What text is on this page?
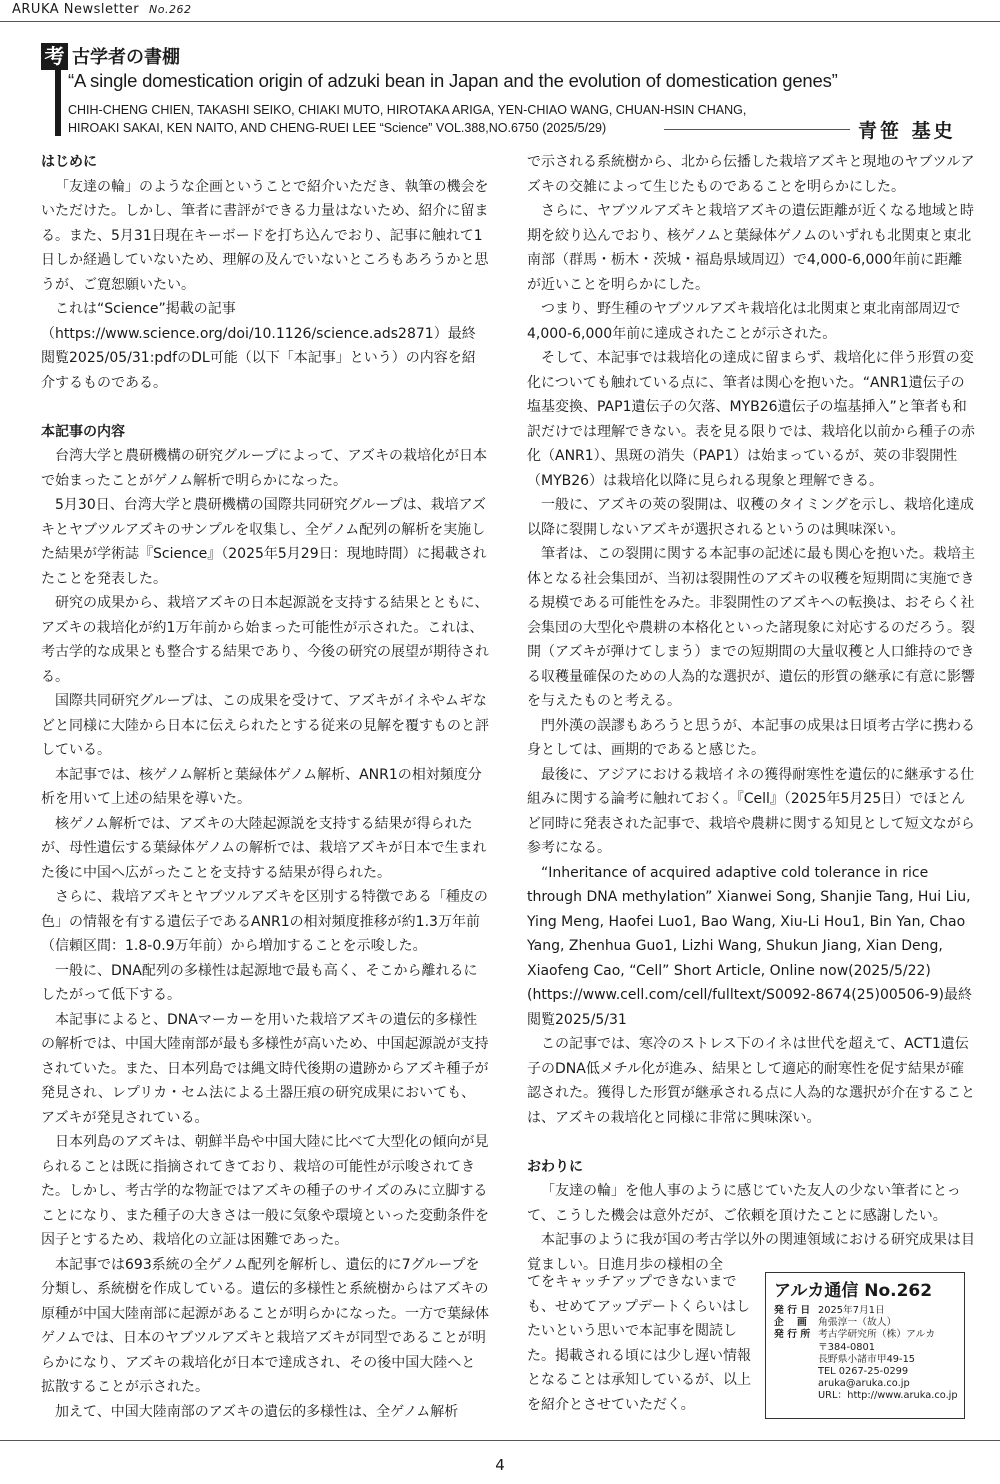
ARUKA Newsletter No.262
考 古学者の書棚
“A single domestication origin of adzuki bean in Japan and the evolution of domestication genes”
CHIH-CHENG CHIEN, TAKASHI SEIKO, CHIAKI MUTO, HIROTAKA ARIGA, YEN-CHIAO WANG, CHUAN-HSIN CHANG,
HIROAKI SAKAI, KEN NAITO, AND CHENG-RUEI LEE “Science” VOL.388,NO.6750 (2025/5/29)	青笹 基史
はじめに

「友達の輪」のような企画ということで紹介いただき、執筆の機会をいただけた。しかし、筆者に書評ができる力量はないため、紹介に留まる。また、5月31日現在キーボードを打ち込んでおり、記事に触れて1日しか経過していないため、理解の及んでいないところもあろうかと思うが、ご寛恕願いたい。

これは“Science”掲載の記事（https://www.science.org/doi/10.1126/science.ads2871）最終閲覧2025/05/31:pdfのDL可能（以下「本記事」という）の内容を紹介するものである。

本記事の内容

台湾大学と農研機構の研究グループによって、アズキの栽培化が日本で始まったことがゲノム解析で明らかになった。

5月30日、台湾大学と農研機構の国際共同研究グループは、栽培アズキとヤブツルアズキのサンプルを収集し、全ゲノム配列の解析を実施した結果が学術誌『Science』（2025年5月29日：現地時間）に掲載されたことを発表した。

研究の成果から、栽培アズキの日本起源説を支持する結果とともに、アズキの栽培化が約1万年前から始まった可能性が示された。これは、考古学的な成果とも整合する結果であり、今後の研究の展望が期待される。

国際共同研究グループは、この成果を受けて、アズキがイネやムギなどと同様に大陸から日本に伝えられたとする従来の見解を覆すものと評している。

本記事では、核ゲノム解析と葉緑体ゲノム解析、ANR1の相対頻度分析を用いて上述の結果を導いた。

核ゲノム解析では、アズキの大陸起源説を支持する結果が得られたが、母性遺伝する葉緑体ゲノムの解析では、栽培アズキが日本で生まれた後に中国へ広がったことを支持する結果が得られた。

さらに、栽培アズキとヤブツルアズキを区別する特徴である「種皮の色」の情報を有する遺伝子であるANR1の相対頻度推移が約1.3万年前（信頼区間：1.8-0.9万年前）から増加することを示唆した。

一般に、DNA配列の多様性は起源地で最も高く、そこから離れるにしたがって低下する。

本記事によると、DNAマーカーを用いた栽培アズキの遺伝的多様性の解析では、中国大陸南部が最も多様性が高いため、中国起源説が支持されていた。また、日本列島では縄文時代後期の遺跡からアズキ種子が発見され、レプリカ・セム法による土器圧痕の研究成果においても、アズキが発見されている。

日本列島のアズキは、朝鮮半島や中国大陸に比べて大型化の傾向が見られることは既に指摘されてきており、栽培の可能性が示唆されてきた。しかし、考古学的な物証ではアズキの種子のサイズのみに立脚することになり、また種子の大きさは一般に気象や環境といった変動条件を因子とするため、栽培化の立証は困難であった。

本記事では693系統の全ゲノム配列を解析し、遺伝的に7グループを分類し、系統樹を作成している。遺伝的多様性と系統樹からはアズキの原種が中国大陸南部に起源があることが明らかになった。一方で葉緑体ゲノムでは、日本のヤブツルアズキと栽培アズキが同型であることが明らかになり、アズキの栽培化が日本で達成され、その後中国大陸へと拡散することが示された。

加えて、中国大陸南部のアズキの遺伝的多様性は、全ゲノム解析

で示される系統樹から、北から伝播した栽培アズキと現地のヤブツルアズキの交雑によって生じたものであることを明らかにした。

さらに、ヤブツルアズキと栽培アズキの遺伝距離が近くなる地域と時期を絞り込んでおり、核ゲノムと葉緑体ゲノムのいずれも北関東と東北南部（群馬・栃木・茨城・福島県域周辺）で4,000-6,000年前に距離が近いことを明らかにした。

つまり、野生種のヤブツルアズキ栽培化は北関東と東北南部周辺で4,000-6,000年前に達成されたことが示された。

そして、本記事では栽培化の達成に留まらず、栽培化に伴う形質の変化についても触れている点に、筆者は関心を抱いた。“ANR1遺伝子の塩基変換、PAP1遺伝子の欠落、MYB26遺伝子の塩基挿入”と筆者も和訳だけでは理解できない。表を見る限りでは、栽培化以前から種子の赤化（ANR1）、黒斑の消失（PAP1）は始まっているが、莢の非裂開性（MYB26）は栽培化以降に見られる現象と理解できる。

一般に、アズキの莢の裂開は、収穫のタイミングを示し、栽培化達成以降に裂開しないアズキが選択されるというのは興味深い。

筆者は、この裂開に関する本記事の記述に最も関心を抱いた。栽培主体となる社会集団が、当初は裂開性のアズキの収穫を短期間に実施できる規模である可能性をみた。非裂開性のアズキへの転換は、おそらく社会集団の大型化や農耕の本格化といった諸現象に対応するのだろう。裂開（アズキが弾けてしまう）までの短期間の大量収穫と人口維持のできる収穫量確保のための人為的な選択が、遺伝的形質の継承に有意に影響を与えたものと考える。

門外漢の誤謬もあろうと思うが、本記事の成果は日頃考古学に携わる身としては、画期的であると感じた。

最後に、アジアにおける栽培イネの獲得耐寒性を遺伝的に継承する仕組みに関する論考に触れておく。『Cell』（2025年5月25日）でほとんど同時に発表された記事で、栽培や農耕に関する知見として短文ながら参考になる。

“Inheritance of acquired adaptive cold tolerance in rice through DNA methylation” Xianwei Song, Shanjie Tang, Hui Liu, Ying Meng, Haofei Luo1, Bao Wang, Xiu-Li Hou1, Bin Yan, Chao Yang, Zhenhua Guo1, Lizhi Wang, Shukun Jiang, Xian Deng, Xiaofeng Cao, “Cell” Short Article, Online now(2025/5/22)(https://www.cell.com/cell/fulltext/S0092-8674(25)00506-9)最終閲覧2025/5/31

この記事では、寒冷のストレス下のイネは世代を超えて、ACT1遺伝子のDNA低メチル化が進み、結果として適応的耐寒性を促す結果が確認された。獲得した形質が継承される点に人為的な選択が介在することは、アズキの栽培化と同様に非常に興味深い。

おわりに

「友達の輪」を他人事のように感じていた友人の少ない筆者にとって、こうした機会は意外だが、ご依頼を頂けたことに感謝したい。

本記事のように我が国の考古学以外の関連領域における研究成果は目覚ましい。日進月歩の様相の全

てをキャッチアップできないまでも、せめてアップデートくらいはしたいという思いで本記事を閲読した。掲載される頃には少し遅い情報となることは承知しているが、以上を紹介とさせていただく。

アルカ通信 No.262
発 行 日 2025年7月1日
企　 画 角張淳一（故人）
発 行 所 考古学研究所（株）アルカ
〒384-0801
長野県小諸市甲49-15
TEL 0267-25-0299
aruka@aruka.co.jp
URL：http://www.aruka.co.jp
4
